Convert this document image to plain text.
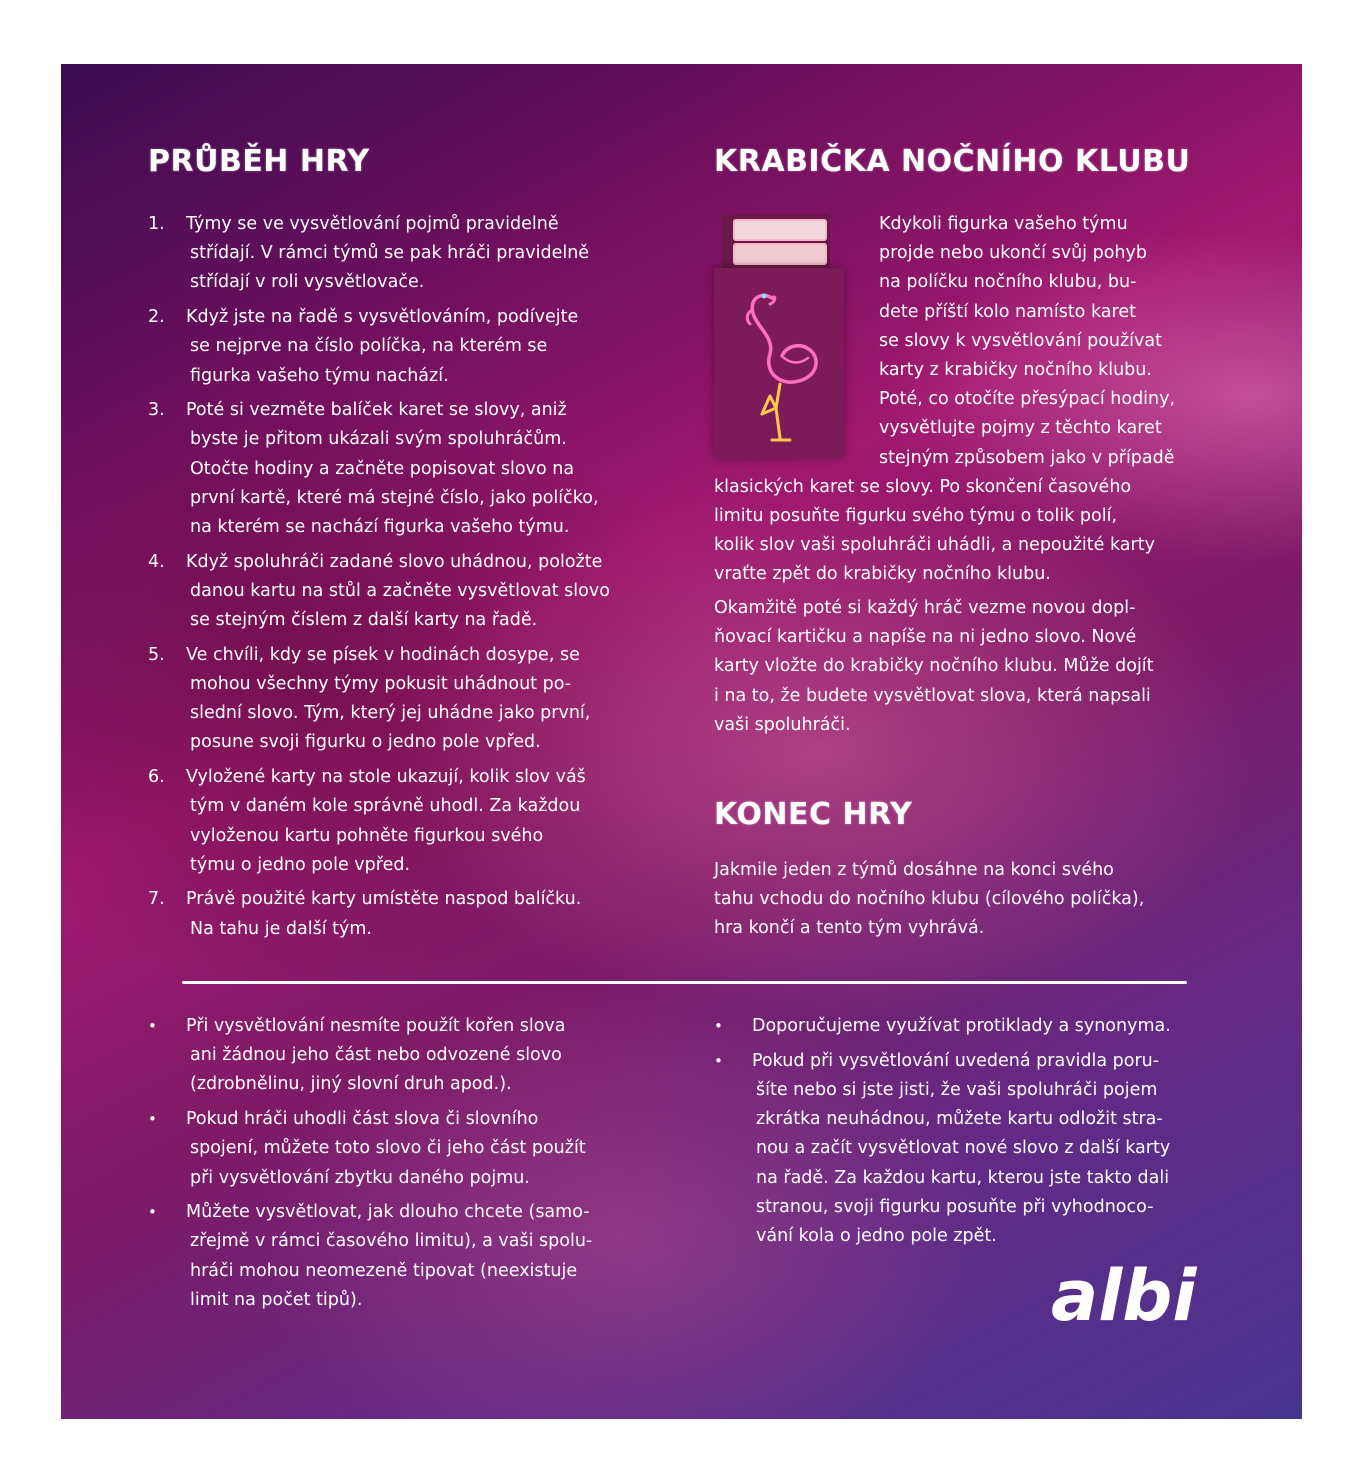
PRŮBĚH HRY
1. Týmy se ve vysvětlování pojmů pravidelně
střídají. V rámci týmů se pak hráči pravidelně
střídají v roli vysvětlovače.
2. Když jste na řadě s vysvětlováním, podívejte
se nejprve na číslo políčka, na kterém se
figurka vašeho týmu nachází.
3. Poté si vezměte balíček karet se slovy, aniž
byste je přitom ukázali svým spoluhráčům.
Otočte hodiny a začněte popisovat slovo na
první kartě, které má stejné číslo, jako políčko,
na kterém se nachází figurka vašeho týmu.
4. Když spoluhráči zadané slovo uhádnou, položte
danou kartu na stůl a začněte vysvětlovat slovo
se stejným číslem z další karty na řadě.
5. Ve chvíli, kdy se písek v hodinách dosype, se
mohou všechny týmy pokusit uhádnout po-
slední slovo. Tým, který jej uhádne jako první,
posune svoji figurku o jedno pole vpřed.
6. Vyložené karty na stole ukazují, kolik slov váš
tým v daném kole správně uhodl. Za každou
vyloženou kartu pohněte figurkou svého
týmu o jedno pole vpřed.
7. Právě použité karty umístěte naspod balíčku.
Na tahu je další tým.
KRABIČKA NOČNÍHO KLUBU
Kdykoli figurka vašeho týmu
projde nebo ukončí svůj pohyb
na políčku nočního klubu, bu-
dete příští kolo namísto karet
se slovy k vysvětlování používat
karty z krabičky nočního klubu.
Poté, co otočíte přesýpací hodiny,
vysvětlujte pojmy z těchto karet
stejným způsobem jako v případě
klasických karet se slovy. Po skončení časového
limitu posuňte figurku svého týmu o tolik polí,
kolik slov vaši spoluhráči uhádli, a nepoužité karty
vraťte zpět do krabičky nočního klubu.
Okamžitě poté si každý hráč vezme novou dopl-
ňovací kartičku a napíše na ni jedno slovo. Nové
karty vložte do krabičky nočního klubu. Může dojít
i na to, že budete vysvětlovat slova, která napsali
vaši spoluhráči.
KONEC HRY
Jakmile jeden z týmů dosáhne na konci svého
tahu vchodu do nočního klubu (cílového políčka),
hra končí a tento tým vyhrává.
• Při vysvětlování nesmíte použít kořen slova
ani žádnou jeho část nebo odvozené slovo
(zdrobnělinu, jiný slovní druh apod.).
• Pokud hráči uhodli část slova či slovního
spojení, můžete toto slovo či jeho část použít
při vysvětlování zbytku daného pojmu.
• Můžete vysvětlovat, jak dlouho chcete (samo-
zřejmě v rámci časového limitu), a vaši spolu-
hráči mohou neomezeně tipovat (neexistuje
limit na počet tipů).
• Doporučujeme využívat protiklady a synonyma.
• Pokud při vysvětlování uvedená pravidla poru-
šíte nebo si jste jisti, že vaši spoluhráči pojem
zkrátka neuhádnou, můžete kartu odložit stra-
nou a začít vysvětlovat nové slovo z další karty
na řadě. Za každou kartu, kterou jste takto dali
stranou, svoji figurku posuňte při vyhodnoco-
vání kola o jedno pole zpět.
albi
